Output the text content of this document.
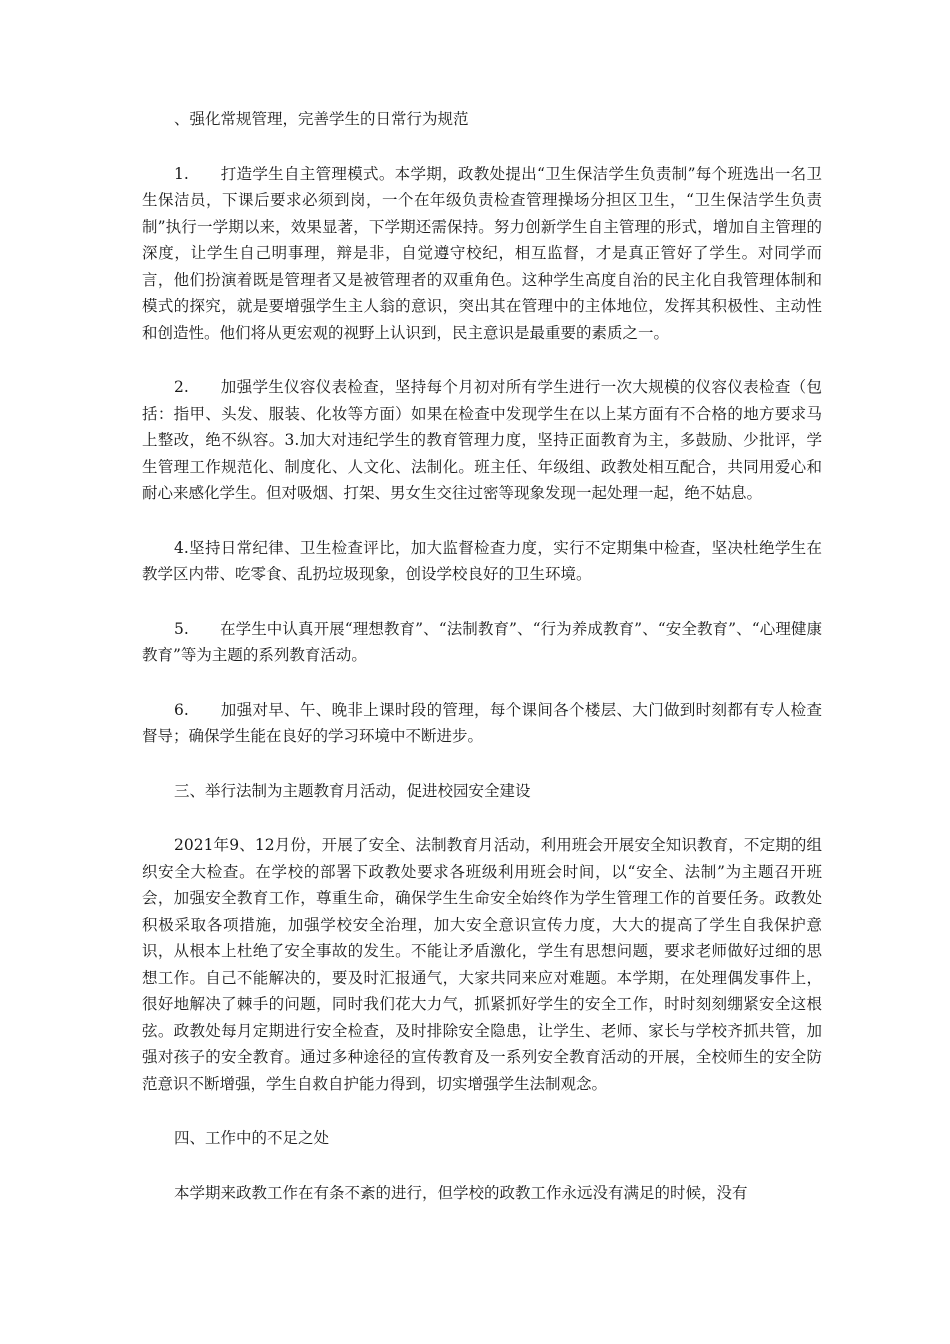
、强化常规管理，完善学生的日常行为规范

1.　　打造学生自主管理模式。本学期，政教处提出“卫生保洁学生负责制”每个班选出一名卫生保洁员，下课后要求必须到岗，一个在年级负责检查管理操场分担区卫生，“卫生保洁学生负责制”执行一学期以来，效果显著，下学期还需保持。努力创新学生自主管理的形式，增加自主管理的深度，让学生自己明事理，辩是非，自觉遵守校纪，相互监督，才是真正管好了学生。对同学而言，他们扮演着既是管理者又是被管理者的双重角色。这种学生高度自治的民主化自我管理体制和模式的探究，就是要增强学生主人翁的意识，突出其在管理中的主体地位，发挥其积极性、主动性和创造性。他们将从更宏观的视野上认识到，民主意识是最重要的素质之一。

2.　　加强学生仪容仪表检查，坚持每个月初对所有学生进行一次大规模的仪容仪表检查（包括：指甲、头发、服装、化妆等方面）如果在检查中发现学生在以上某方面有不合格的地方要求马上整改，绝不纵容。3.加大对违纪学生的教育管理力度，坚持正面教育为主，多鼓励、少批评，学生管理工作规范化、制度化、人文化、法制化。班主任、年级组、政教处相互配合，共同用爱心和耐心来感化学生。但对吸烟、打架、男女生交往过密等现象发现一起处理一起，绝不姑息。

4.坚持日常纪律、卫生检查评比，加大监督检查力度，实行不定期集中检查，坚决杜绝学生在教学区内带、吃零食、乱扔垃圾现象，创设学校良好的卫生环境。

5.　　在学生中认真开展“理想教育”、“法制教育”、“行为养成教育”、“安全教育”、“心理健康教育”等为主题的系列教育活动。

6.　　加强对早、午、晚非上课时段的管理，每个课间各个楼层、大门做到时刻都有专人检查督导；确保学生能在良好的学习环境中不断进步。

三、举行法制为主题教育月活动，促进校园安全建设

2021年9、12月份，开展了安全、法制教育月活动，利用班会开展安全知识教育，不定期的组织安全大检查。在学校的部署下政教处要求各班级利用班会时间，以“安全、法制”为主题召开班会，加强安全教育工作，尊重生命，确保学生生命安全始终作为学生管理工作的首要任务。政教处积极采取各项措施，加强学校安全治理，加大安全意识宣传力度，大大的提高了学生自我保护意识，从根本上杜绝了安全事故的发生。不能让矛盾激化，学生有思想问题，要求老师做好过细的思想工作。自己不能解决的，要及时汇报通气，大家共同来应对难题。本学期，在处理偶发事件上，很好地解决了棘手的问题，同时我们花大力气，抓紧抓好学生的安全工作，时时刻刻绷紧安全这根弦。政教处每月定期进行安全检查，及时排除安全隐患，让学生、老师、家长与学校齐抓共管，加强对孩子的安全教育。通过多种途径的宣传教育及一系列安全教育活动的开展，全校师生的安全防范意识不断增强，学生自救自护能力得到，切实增强学生法制观念。

四、工作中的不足之处

本学期来政教工作在有条不紊的进行，但学校的政教工作永远没有满足的时候，没有
